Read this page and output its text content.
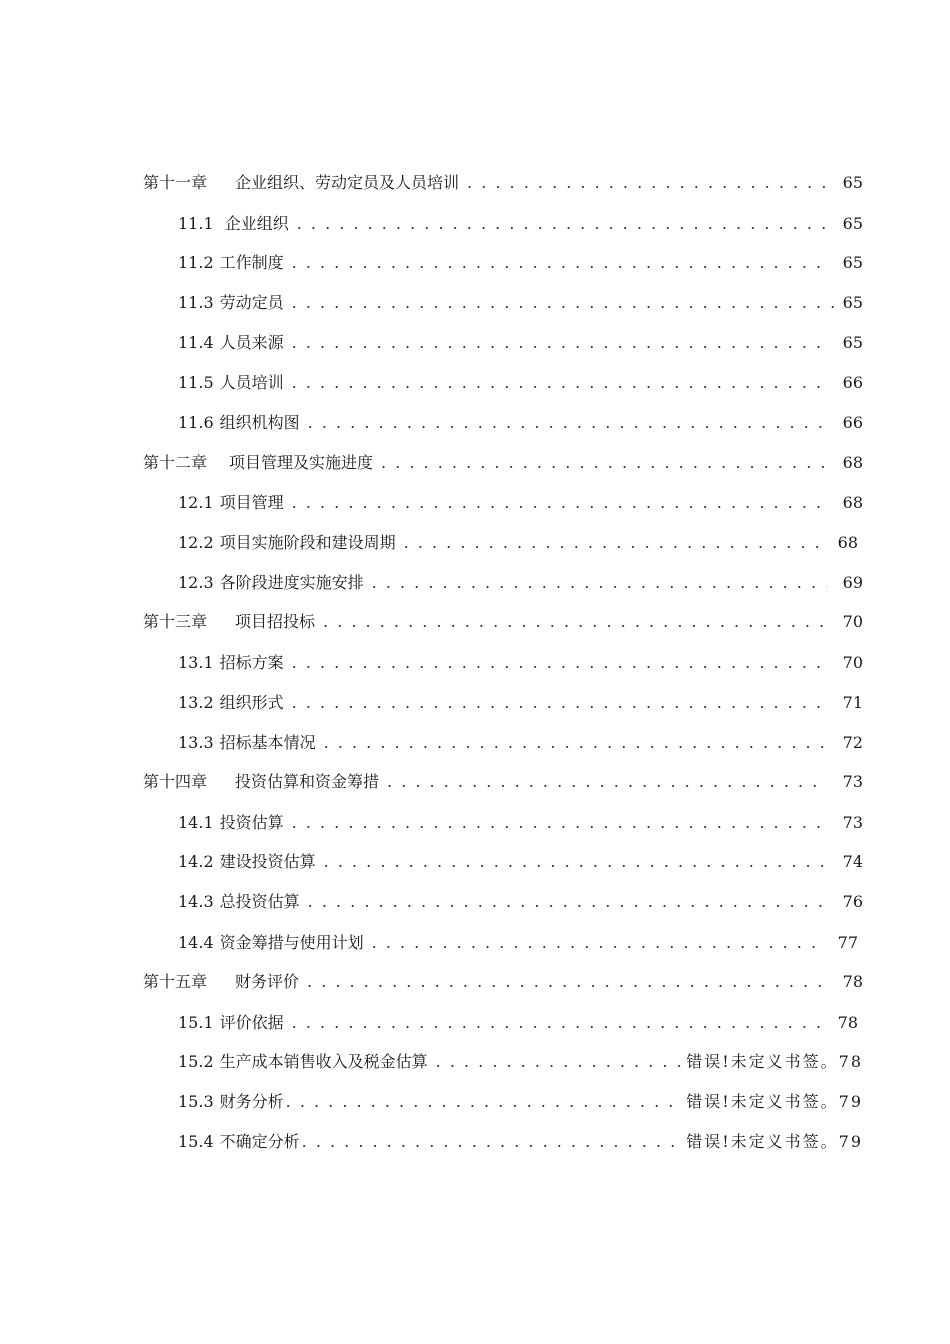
第十一章 企业组织、劳动定员及人员培训 . . .	65
11.1 企业组织 . . .	65
11.2 工作制度 . . .	65
11.3 劳动定员 . . .	65
11.4 人员来源 . . .	65
11.5 人员培训 . . .	66
11.6 组织机构图 . . .	66
第十二章 项目管理及实施进度 . . .	68
12.1 项目管理 . . .	68
12.2 项目实施阶段和建设周期 . . .	68
12.3 各阶段进度实施安排 . . .	69
第十三章 项目招投标 . . .	70
13.1 招标方案 . . .	70
13.2 组织形式 . . .	71
13.3 招标基本情况 . . .	72
第十四章 投资估算和资金筹措 . . .	73
14.1 投资估算 . . .	73
14.2 建设投资估算 . . .	74
14.3 总投资估算 . . .	76
14.4 资金筹措与使用计划 . . .	77
第十五章 财务评价 . . .	78
15.1 评价依据 . . .	78
15.2 生产成本销售收入及税金估算 . . .	错误!未定义书签。78
15.3 财务分析 . . .	错误!未定义书签。79
15.4 不确定分析 . . .	错误!未定义书签。79
